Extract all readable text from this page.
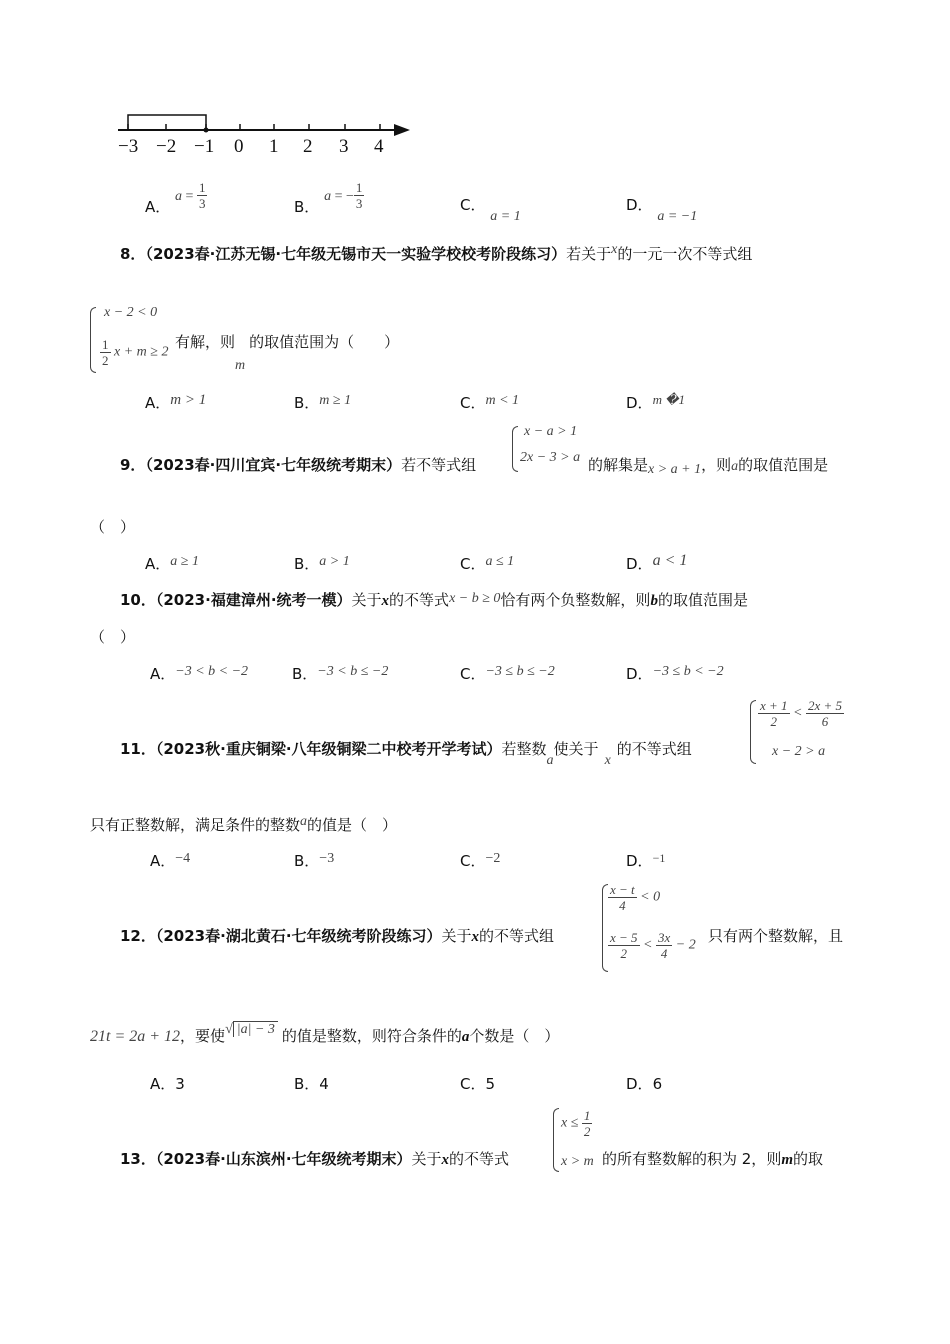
−3 −2 −1 0 1 2 3 4
A． $a = \frac{1}{3}$	B． a = − $\frac{1}{3}$	C． a = 1
D． a = −1
8．（2023春·江苏无锡·七年级无锡市天一实验学校校考阶段练习）若关于x的一元一次不等式组
x − 2 < 0
$\frac{1}{2}$ x + m ≥ 2
有解，则m的取值范围为（　　）
A．m > 1	B．m ≥ 1	C．m < 1	D．m �1
9．（2023春·四川宜宾·七年级统考期末）若不等式组
x − a > 1
2x − 3 > a 的解集是x > a + 1，则a的取值范围是
（　）
A．a ≥ 1	B．a > 1	C．a ≤ 1	D．a < 1
10．（2023·福建漳州·统考一模）关于x的不等式x − b ≥ 0恰有两个负整数解，则b的取值范围是
（　）
A．−3 < b < −2	B．−3 < b ≤ −2	C．−3 ≤ b ≤ −2	D．−3 ≤ b < −2
11．（2023秋·重庆铜梁·八年级铜梁二中校考开学考试）若整数a使关于x的不等式组
$\frac{x + 1}{2} < \frac{2x + 5}{6}$
x − 2 > a
只有正整数解，满足条件的整数a的值是（　）
A．−4	B．−3	C．−2	D．$^{-1}$
12．（2023春·湖北黄石·七年级统考阶段练习）关于x的不等式组
$\frac{x - t}{4} < 0$
$\frac{x - 5}{2} < \frac{3x}{4} - 2$
只有两个整数解，且
21t = 2a + 12，要使√ |a| − 3 的值是整数，则符合条件的a个数是（　）
A．3	B．4	C．5	D．6
13．（2023春·山东滨州·七年级统考期末）关于x的不等式
$x \le \frac{1}{2}$
x > m 的所有整数解的积为 2，则m的取
